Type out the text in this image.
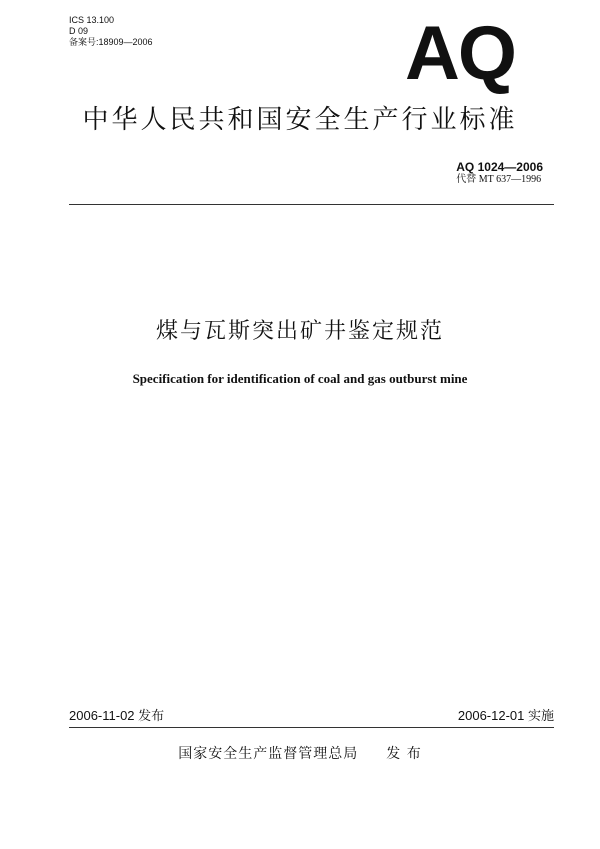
ICS 13.100
D 09
备案号:18909—2006	AQ
中华人民共和国安全生产行业标准
AQ 1024—2006
代替 MT 637—1996
煤与瓦斯突出矿井鉴定规范
Specification for identification of coal and gas outburst mine
2006-11-02 发布	2006-12-01 实施
国家安全生产监督管理总局 发 布
